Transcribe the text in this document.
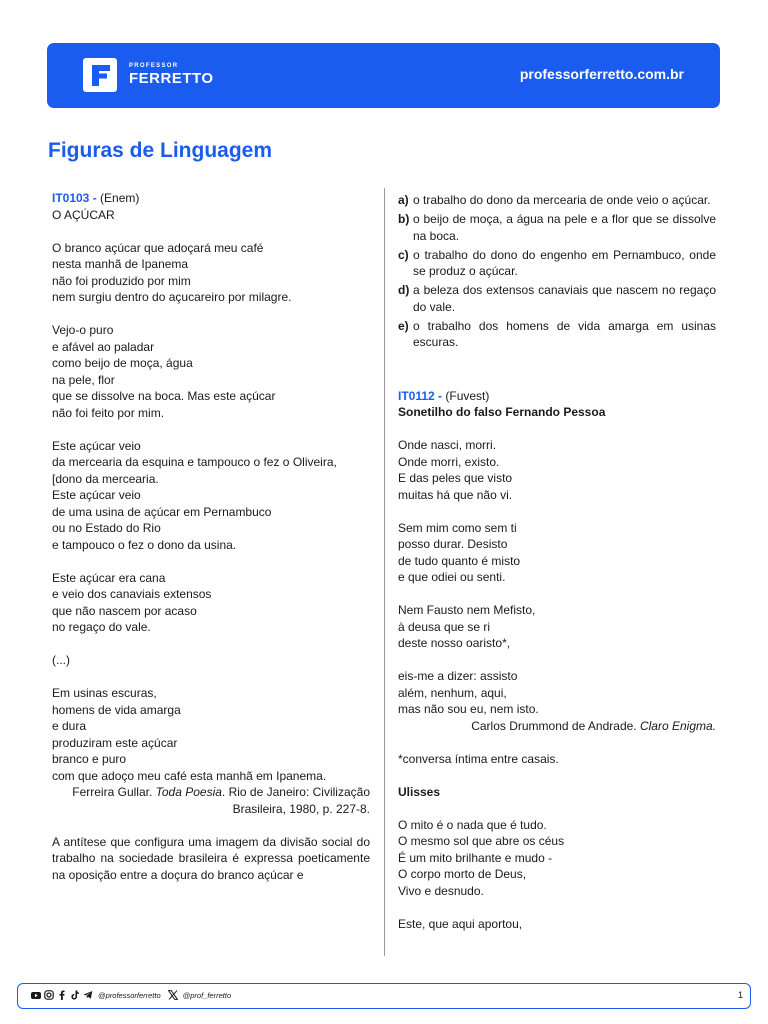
PROFESSOR
FERRETTO	professorferretto.com.br
Figuras de Linguagem
IT0103 - (Enem)
O AÇÚCAR
O branco açúcar que adoçará meu café
nesta manhã de Ipanema
não foi produzido por mim
nem surgiu dentro do açucareiro por milagre.
Vejo-o puro
e afável ao paladar
como beijo de moça, água
na pele, flor
que se dissolve na boca. Mas este açúcar
não foi feito por mim.
Este açúcar veio
da mercearia da esquina e tampouco o fez o Oliveira,
[dono da mercearia.
Este açúcar veio
de uma usina de açúcar em Pernambuco
ou no Estado do Rio
e tampouco o fez o dono da usina.
Este açúcar era cana
e veio dos canaviais extensos
que não nascem por acaso
no regaço do vale.
(...)
Em usinas escuras,
homens de vida amarga
e dura
produziram este açúcar
branco e puro
com que adoço meu café esta manhã em Ipanema.
Ferreira Gullar. Toda Poesia. Rio de Janeiro: Civilização
Brasileira, 1980, p. 227-8.
A antítese que configura uma imagem da divisão social do trabalho na sociedade brasileira é expressa poeticamente na oposição entre a doçura do branco açúcar e
a) o trabalho do dono da mercearia de onde veio o açúcar.
b) o beijo de moça, a água na pele e a flor que se dissolve na boca.
c) o trabalho do dono do engenho em Pernambuco, onde se produz o açúcar.
d) a beleza dos extensos canaviais que nascem no regaço do vale.
e) o trabalho dos homens de vida amarga em usinas escuras.
IT0112 - (Fuvest)
Sonetilho do falso Fernando Pessoa
Onde nasci, morri.
Onde morri, existo.
E das peles que visto
muitas há que não vi.
Sem mim como sem ti
posso durar. Desisto
de tudo quanto é misto
e que odiei ou senti.
Nem Fausto nem Mefisto,
à deusa que se ri
deste nosso oaristo*,
eis-me a dizer: assisto
além, nenhum, aqui,
mas não sou eu, nem isto.
Carlos Drummond de Andrade. Claro Enigma.
*conversa íntima entre casais.
Ulisses
O mito é o nada que é tudo.
O mesmo sol que abre os céus
É um mito brilhante e mudo -
O corpo morto de Deus,
Vivo e desnudo.
Este, que aqui aportou,
@professorferretto	@prof_ferretto	1
